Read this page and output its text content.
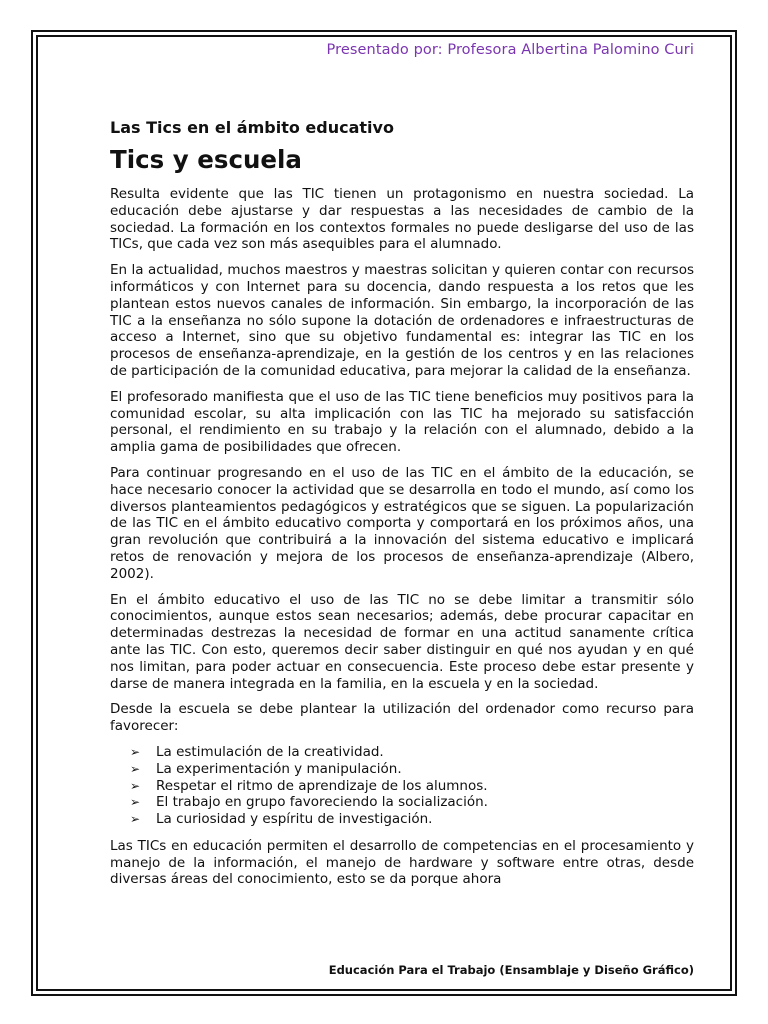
Presentado por: Profesora Albertina Palomino Curi
Las Tics en el ámbito educativo
Tics y escuela

Resulta evidente que las TIC tienen un protagonismo en nuestra sociedad. La educación debe ajustarse y dar respuestas a las necesidades de cambio de la sociedad. La formación en los contextos formales no puede desligarse del uso de las TICs, que cada vez son más asequibles para el alumnado.

En la actualidad, muchos maestros y maestras solicitan y quieren contar con recursos informáticos y con Internet para su docencia, dando respuesta a los retos que les plantean estos nuevos canales de información. Sin embargo, la incorporación de las TIC a la enseñanza no sólo supone la dotación de ordenadores e infraestructuras de acceso a Internet, sino que su objetivo fundamental es: integrar las TIC en los procesos de enseñanza-aprendizaje, en la gestión de los centros y en las relaciones de participación de la comunidad educativa, para mejorar la calidad de la enseñanza.

El profesorado manifiesta que el uso de las TIC tiene beneficios muy positivos para la comunidad escolar, su alta implicación con las TIC ha mejorado su satisfacción personal, el rendimiento en su trabajo y la relación con el alumnado, debido a la amplia gama de posibilidades que ofrecen.

Para continuar progresando en el uso de las TIC en el ámbito de la educación, se hace necesario conocer la actividad que se desarrolla en todo el mundo, así como los diversos planteamientos pedagógicos y estratégicos que se siguen. La popularización de las TIC en el ámbito educativo comporta y comportará en los próximos años, una gran revolución que contribuirá a la innovación del sistema educativo e implicará retos de renovación y mejora de los procesos de enseñanza-aprendizaje (Albero, 2002).

En el ámbito educativo el uso de las TIC no se debe limitar a transmitir sólo conocimientos, aunque estos sean necesarios; además, debe procurar capacitar en determinadas destrezas la necesidad de formar en una actitud sanamente crítica ante las TIC. Con esto, queremos decir saber distinguir en qué nos ayudan y en qué nos limitan, para poder actuar en consecuencia. Este proceso debe estar presente y darse de manera integrada en la familia, en la escuela y en la sociedad.

Desde la escuela se debe plantear la utilización del ordenador como recurso para favorecer:

➢	La estimulación de la creatividad.
➢	La experimentación y manipulación.
➢	Respetar el ritmo de aprendizaje de los alumnos.
➢	El trabajo en grupo favoreciendo la socialización.
➢	La curiosidad y espíritu de investigación.

Las TICs en educación permiten el desarrollo de competencias en el procesamiento y manejo de la información, el manejo de hardware y software entre otras, desde diversas áreas del conocimiento, esto se da porque ahora

Educación Para el Trabajo (Ensamblaje y Diseño Gráfico)
